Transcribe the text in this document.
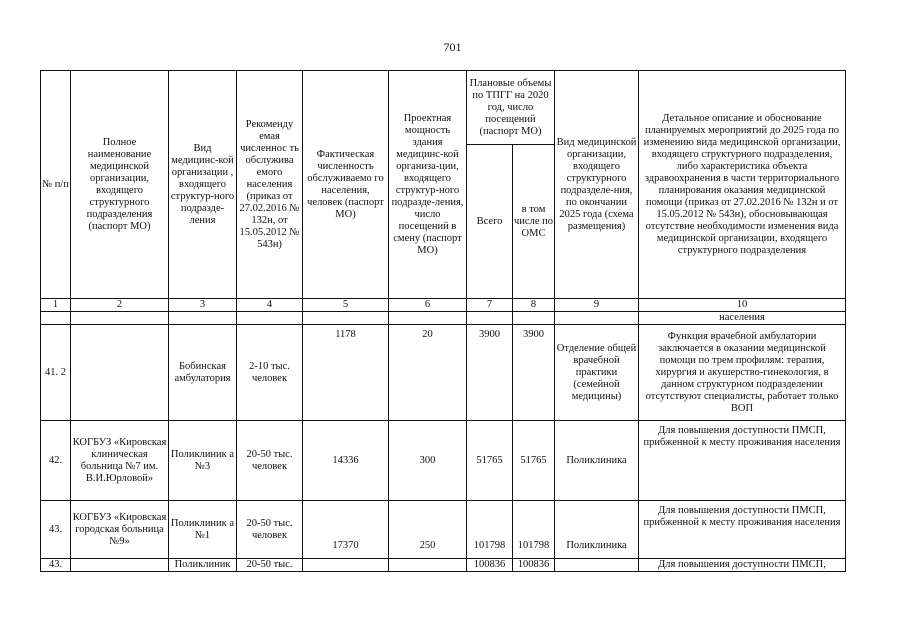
701
№ п/п	Полное наименование медицинской организации, входящего структурного подразделения (паспорт МО)	Вид медицинс-кой организации , входящего структур-ного подразде-ления	Рекоменду емая численнос ть обслужива емого населения (приказ от 27.02.2016 № 132н, от 15.05.2012 № 543н)	Фактическая численность обслуживаемо го населения, человек (паспорт МО)	Проектная мощность здания медицинс-кой организа-ции, входящего структур-ного подразде-ления, число посещений в смену (паспорт МО)	Плановые объемы по ТПГГ на 2020 год, число посещений (паспорт МО)		Вид медицинской организации, входящего структурного подразделе-ния, по окончании 2025 года (схема размещения)	Детальное описание и обоснование планируемых мероприятий до 2025 года по изменению вида медицинской организации, входящего структурного подразделения, либо характеристика объекта здравоохранения в части территориального планирования оказания медицинской помощи (приказ от 27.02.2016 № 132н и от 15.05.2012 № 543н), обосновывающая отсутствие необходимости изменения вида медицинской организации, входящего структурного подразделения
						Всего	в том числе по ОМС		
1	2	3	4	5	6	7	8	9	10
									населения
41. 2		Бобинская амбулатория	2-10 тыс. человек	1178	20	3900	3900	Отделение общей врачебной практики (семейной медицины)	Функция врачебной амбулатории заключается в оказании медицинской помощи по трем профилям: терапия, хирургия и акушерство-гинекология, в данном структурном подразделении отсутствуют специалисты, работает только ВОП
42.	КОГБУЗ «Кировская клиническая больница №7 им. В.И.Юрловой»	Поликлиник а №3	20-50 тыс. человек	14336	300	51765	51765	Поликлиника	Для повышения доступности ПМСП, прибженной к месту проживания населения
43.	КОГБУЗ «Кировская городская больница №9»	Поликлиник а №1	20-50 тыс. человек	17370	250	101798	101798	Поликлиника	Для повышения доступности ПМСП, прибженной к месту проживания населения
43.		Поликлиник	20-50 тыс.			100836	100836		Для повышения доступности ПМСП,
